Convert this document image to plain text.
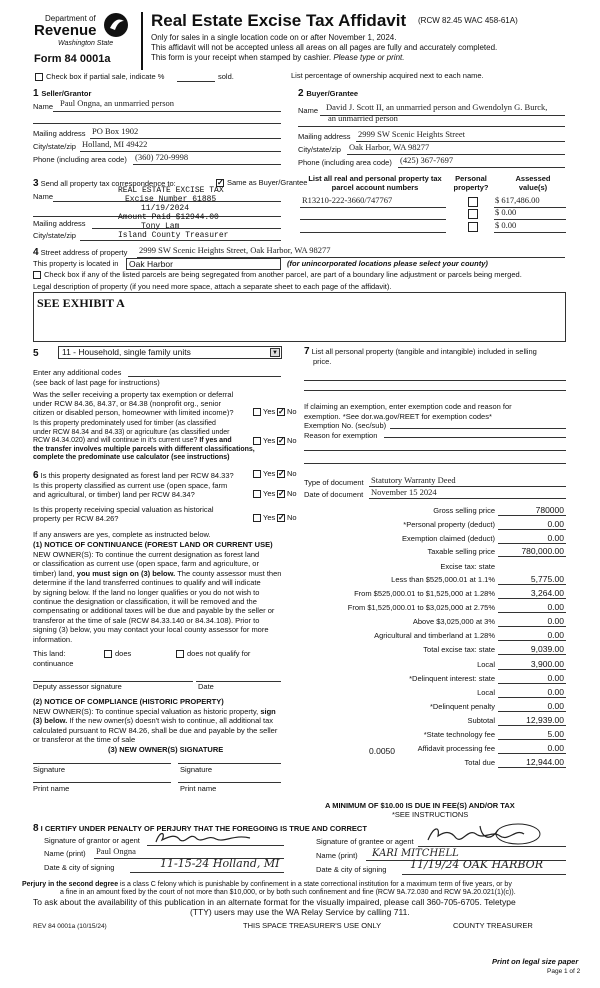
Department of
Revenue
Washington State
Form 84 0001a
Real Estate Excise Tax Affidavit (RCW 82.45 WAC 458-61A)
Only for sales in a single location code on or after November 1, 2024.
This affidavit will not be accepted unless all areas on all pages are fully and accurately completed.
This form is your receipt when stamped by cashier. Please type or print.
Check box if partial sale, indicate %	sold.	List percentage of ownership acquired next to each name.
1 Seller/Grantor
Name Paul Ongna, an unmarried person
Mailing address PO Box 1902
City/state/zip Holland, MI 49422
Phone (including area code) (360) 720-9998
2 Buyer/Grantee
Name David J. Scott II, an unmarried person and Gwendolyn G. Burck,
an unmarried person
Mailing address 2999 SW Scenic Heights Street
City/state/zip Oak Harbor, WA 98277
Phone (including area code) (425) 367-7697
3 Send all property tax correspondence to:	✓ Same as Buyer/Grantee
Name
Mailing address
City/state/zip
REAL ESTATE EXCISE TAX
Excise Number 61885
11/19/2024
Amount Paid $12944.00
Tony Lam
Island County Treasurer
List all real and personal property tax
parcel account numbers
Personal
property?
Assessed
value(s)
R13210-222-3660/747767	$ 617,486.00
$ 0.00
$ 0.00
4 Street address of property 2999 SW Scenic Heights Street, Oak Harbor, WA 98277
This property is located in	Oak Harbor	(for unincorporated locations please select your county)
Check box if any of the listed parcels are being segregated from another parcel, are part of a boundary line adjustment or parcels being merged.
Legal description of property (if you need more space, attach a separate sheet to each page of the affidavit).
SEE EXHIBIT A
5	11 - Household, single family units	▼
Enter any additional codes
(see back of last page for instructions)
Was the seller receiving a property tax exemption or deferral
under RCW 84.36, 84.37, or 84.38 (nonprofit org., senior
citizen or disabled person, homeowner with limited income)?	Yes ✓ No
Is this property predominately used for timber (as classified
under RCW 84.34 and 84.33) or agriculture (as classified under
RCW 84.34.020) and will continue in it's current use? If yes and
the transfer involves multiple parcels with different classifications,
complete the predominate use calculator (see instructions)
Yes ✓ No
6 Is this property designated as forest land per RCW 84.33?	Yes ✓ No
Is this property classified as current use (open space, farm
and agricultural, or timber) land per RCW 84.34?	Yes ✓ No
Is this property receiving special valuation as historical
property per RCW 84.26?	Yes ✓ No
If any answers are yes, complete as instructed below.
(1) NOTICE OF CONTINUANCE (FOREST LAND OR CURRENT USE)
NEW OWNER(S): To continue the current designation as forest land
or classification as current use (open space, farm and agriculture, or
timber) land, you must sign on (3) below. The county assessor must then
determine if the land transferred continues to qualify and will indicate
by signing below. If the land no longer qualifies or you do not wish to
continue the designation or classification, it will be removed and the
compensating or additional taxes will be due and payable by the seller or
transferor at the time of sale (RCW 84.33.140 or 84.34.108). Prior to
signing (3) below, you may contact your local county assessor for more
information.
This land:
continuance
does	does not qualify for
Deputy assessor signature	Date
(2) NOTICE OF COMPLIANCE (HISTORIC PROPERTY)
NEW OWNER(S): To continue special valuation as historic property, sign
(3) below. If the new owner(s) doesn't wish to continue, all additional tax
calculated pursuant to RCW 84.26, shall be due and payable by the seller
or transferor at the time of sale
(3) NEW OWNER(S) SIGNATURE
Signature	Signature
Print name	Print name
7 List all personal property (tangible and intangible) included in selling
price.
If claiming an exemption, enter exemption code and reason for
exemption. *See dor.wa.gov/REET for exemption codes*
Exemption No. (sec/sub)
Reason for exemption
Type of document Statutory Warranty Deed
Date of document November 15 2024
Gross selling price	780000
*Personal property (deduct)	0.00
Exemption claimed (deduct)	0.00
Taxable selling price	780,000.00
Excise tax: state
Less than $525,000.01 at 1.1%	5,775.00
From $525,000.01 to $1,525,000 at 1.28%	3,264.00
From $1,525,000.01 to $3,025,000 at 2.75%	0.00
Above $3,025,000 at 3%	0.00
Agricultural and timberland at 1.28%	0.00
Total excise tax: state	9,039.00
Local	3,900.00
*Delinquent interest: state	0.00
Local	0.00
*Delinquent penalty	0.00
Subtotal	12,939.00
*State technology fee	5.00
Affidavit processing fee	0.00
Total due	12,944.00
0.0050
A MINIMUM OF $10.00 IS DUE IN FEE(S) AND/OR TAX
*SEE INSTRUCTIONS
8 I CERTIFY UNDER PENALTY OF PERJURY THAT THE FOREGOING IS TRUE AND CORRECT
Signature of grantor or agent
Name (print) Paul Ongna
Date & city of signing	11-15-24 Holland, MI
Signature of grantee or agent
Name (print) KARI MITCHELL
Date & city of signing 11/19/24 OAK HARBOR
Perjury in the second degree is a class C felony which is punishable by confinement in a state correctional institution for a maximum term of five years, or by
a fine in an amount fixed by the court of not more than $10,000, or by both such confinement and fine (RCW 9A.72.030 and RCW 9A.20.021(1)(c)).
To ask about the availability of this publication in an alternate format for the visually impaired, please call 360-705-6705. Teletype
(TTY) users may use the WA Relay Service by calling 711.
REV 84 0001a (10/15/24)	THIS SPACE TREASURER'S USE ONLY	COUNTY TREASURER
Print on legal size paper
Page 1 of 2
